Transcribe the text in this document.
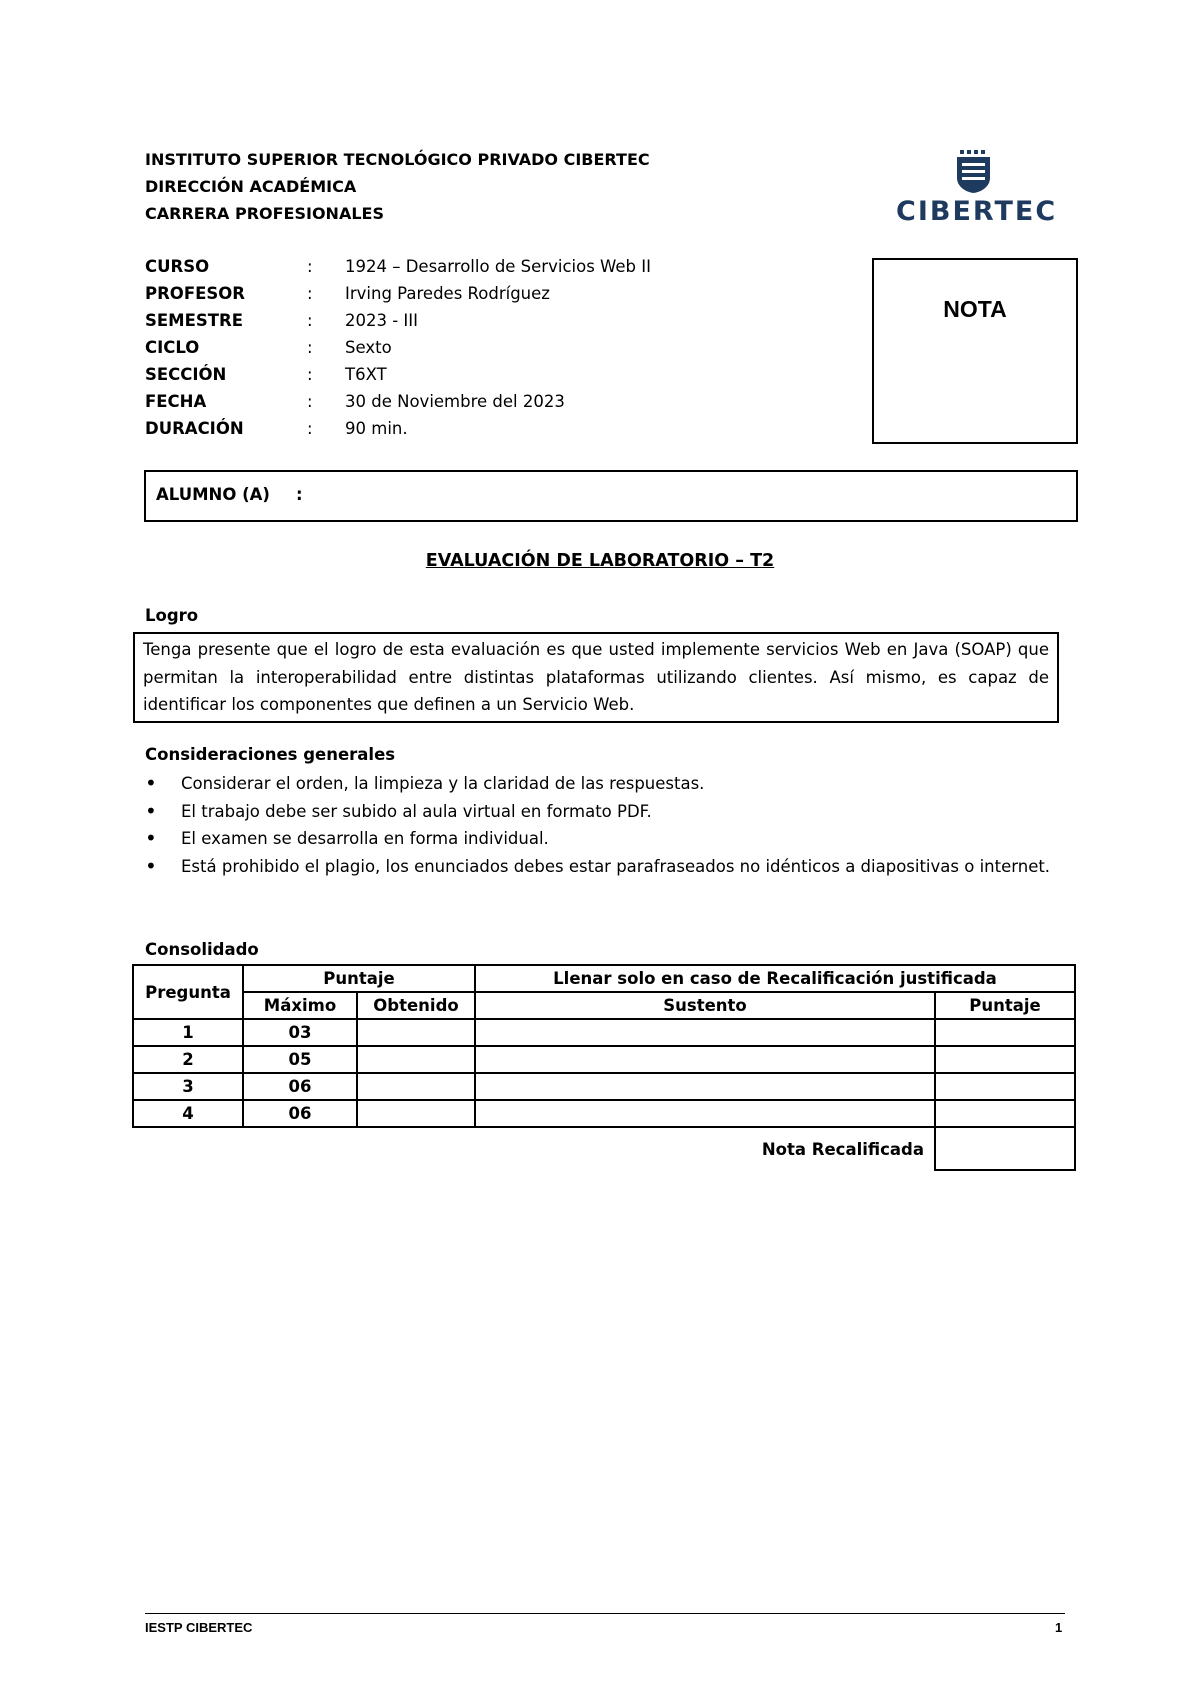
INSTITUTO SUPERIOR TECNOLÓGICO PRIVADO CIBERTEC
DIRECCIÓN ACADÉMICA
CARRERA PROFESIONALES	CIBERTEC
CURSO	: 1924 – Desarrollo de Servicios Web II
PROFESOR	: Irving Paredes Rodríguez
SEMESTRE	: 2023 - III
CICLO	: Sexto
SECCIÓN	: T6XT
FECHA	: 30 de Noviembre del 2023
DURACIÓN	: 90 min.
NOTA
ALUMNO (A) :
EVALUACIÓN DE LABORATORIO – T2
Logro
Tenga presente que el logro de esta evaluación es que usted implemente servicios Web en Java (SOAP) que permitan la interoperabilidad entre distintas plataformas utilizando clientes. Así mismo, es capaz de identificar los componentes que definen a un Servicio Web.
Consideraciones generales
• Considerar el orden, la limpieza y la claridad de las respuestas.
• El trabajo debe ser subido al aula virtual en formato PDF.
• El examen se desarrolla en forma individual.
• Está prohibido el plagio, los enunciados debes estar parafraseados no idénticos a diapositivas o internet.
Consolidado
Pregunta	Puntaje		Llenar solo en caso de Recalificación justificada	
	Máximo	Obtenido	Sustento	Puntaje
1	03			
2	05			
3	06			
4	06			
			Nota Recalificada	
IESTP CIBERTEC	1
